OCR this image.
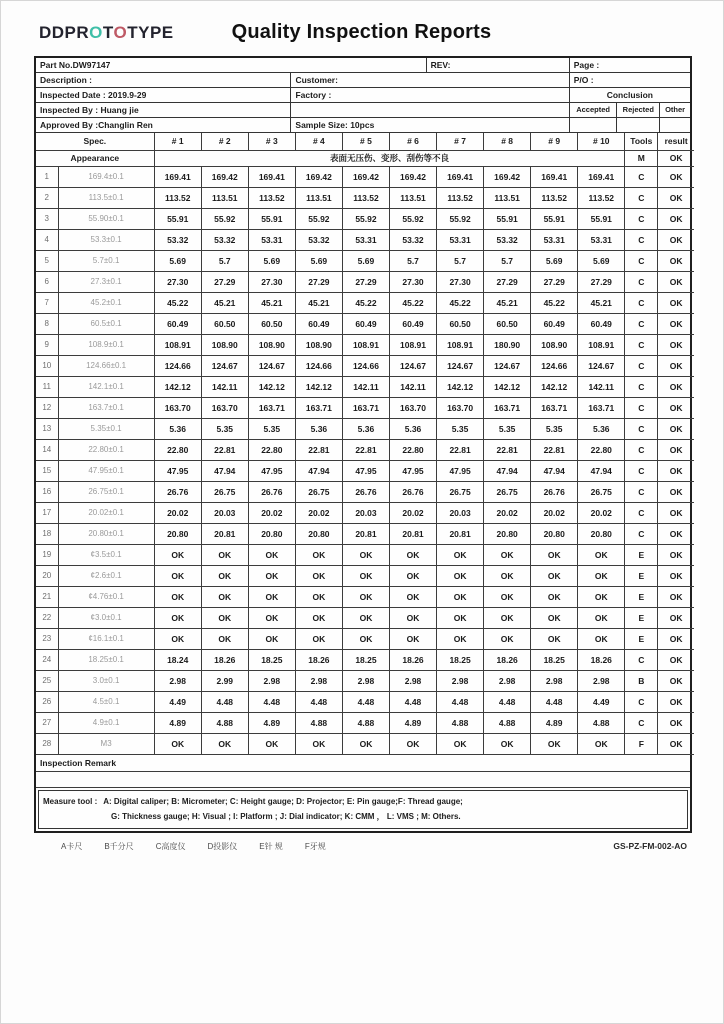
DDPROTOTYPE	Quality Inspection Reports
Part No.DW97147	REV:	Page :
Description :	Customer:	P/O :
Inspected Date : 2019.9-29	Factory :	Conclusion
Inspected By : Huang jie	Accepted	Rejected	Other
Approved By :Changlin Ren	Sample Size: 10pcs
Spec.		# 1	# 2	# 3	# 4	# 5	# 6	# 7	# 8	# 9	# 10	Tools	result
Appearance		表面无压伤、变形、刮伤等不良										M	OK
1	169.4±0.1	169.41	169.42	169.41	169.42	169.42	169.42	169.41	169.42	169.41	169.41	C	OK
2	113.5±0.1	113.52	113.51	113.52	113.51	113.52	113.51	113.52	113.51	113.52	113.52	C	OK
3	55.90±0.1	55.91	55.92	55.91	55.92	55.92	55.92	55.92	55.91	55.91	55.91	C	OK
4	53.3±0.1	53.32	53.32	53.31	53.32	53.31	53.32	53.31	53.32	53.31	53.31	C	OK
5	5.7±0.1	5.69	5.7	5.69	5.69	5.69	5.7	5.7	5.7	5.69	5.69	C	OK
6	27.3±0.1	27.30	27.29	27.30	27.29	27.29	27.30	27.30	27.29	27.29	27.29	C	OK
7	45.2±0.1	45.22	45.21	45.21	45.21	45.22	45.22	45.22	45.21	45.22	45.21	C	OK
8	60.5±0.1	60.49	60.50	60.50	60.49	60.49	60.49	60.50	60.50	60.49	60.49	C	OK
9	108.9±0.1	108.91	108.90	108.90	108.90	108.91	108.91	108.91	180.90	108.90	108.91	C	OK
10	124.66±0.1	124.66	124.67	124.67	124.66	124.66	124.67	124.67	124.67	124.66	124.67	C	OK
11	142.1±0.1	142.12	142.11	142.12	142.12	142.11	142.11	142.12	142.12	142.12	142.11	C	OK
12	163.7±0.1	163.70	163.70	163.71	163.71	163.71	163.70	163.70	163.71	163.71	163.71	C	OK
13	5.35±0.1	5.36	5.35	5.35	5.36	5.36	5.36	5.35	5.35	5.35	5.36	C	OK
14	22.80±0.1	22.80	22.81	22.80	22.81	22.81	22.80	22.81	22.81	22.81	22.80	C	OK
15	47.95±0.1	47.95	47.94	47.95	47.94	47.95	47.95	47.95	47.94	47.94	47.94	C	OK
16	26.75±0.1	26.76	26.75	26.76	26.75	26.76	26.76	26.75	26.75	26.76	26.75	C	OK
17	20.02±0.1	20.02	20.03	20.02	20.02	20.03	20.02	20.03	20.02	20.02	20.02	C	OK
18	20.80±0.1	20.80	20.81	20.80	20.80	20.81	20.81	20.81	20.80	20.80	20.80	C	OK
19	¢3.5±0.1	OK	OK	OK	OK	OK	OK	OK	OK	OK	OK	E	OK
20	¢2.6±0.1	OK	OK	OK	OK	OK	OK	OK	OK	OK	OK	E	OK
21	¢4.76±0.1	OK	OK	OK	OK	OK	OK	OK	OK	OK	OK	E	OK
22	¢3.0±0.1	OK	OK	OK	OK	OK	OK	OK	OK	OK	OK	E	OK
23	¢16.1±0.1	OK	OK	OK	OK	OK	OK	OK	OK	OK	OK	E	OK
24	18.25±0.1	18.24	18.26	18.25	18.26	18.25	18.26	18.25	18.26	18.25	18.26	C	OK
25	3.0±0.1	2.98	2.99	2.98	2.98	2.98	2.98	2.98	2.98	2.98	2.98	B	OK
26	4.5±0.1	4.49	4.48	4.48	4.48	4.48	4.48	4.48	4.48	4.48	4.49	C	OK
27	4.9±0.1	4.89	4.88	4.89	4.88	4.88	4.89	4.88	4.88	4.89	4.88	C	OK
28	M3	OK	OK	OK	OK	OK	OK	OK	OK	OK	OK	F	OK
Inspection Remark
Measure tool : A: Digital caliper; B: Micrometer; C: Height gauge; D: Projector; E: Pin gauge;F: Thread gauge;
G: Thickness gauge; H: Visual ; I: Platform ; J: Dial indicator; K: CMM ， L: VMS ; M: Others.
A卡尺	B千分尺	C高度仪	D投影仪	E针 规	F牙规	GS-PZ-FM-002-AO
